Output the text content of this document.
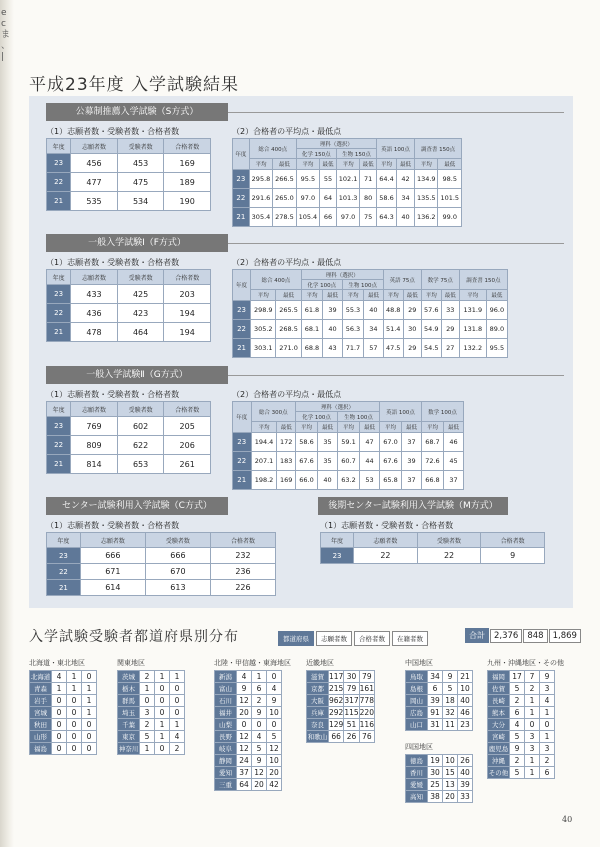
e
c
ま
、
|
平成23年度 入学試験結果
公募制推薦入学試験（S方式）
（1）志願者数・受験者数・合格者数	（2）合格者の平均点・最低点
年度	志願者数	受験者数	合格者数
23	456	453	169
22	477	475	189
21	535	534	190
年度	総合 400点		理科（選択）				英語 100点		調査書 150点	
			化学 150点		生物 150点					
	平均	最低	平均	最低	平均	最低	平均	最低	平均	最低
23	295.8	266.5	95.5	55	102.1	71	64.4	42	134.9	98.5
22	291.6	265.0	97.0	64	101.3	80	58.6	34	135.5	101.5
21	305.4	278.5	105.4	66	97.0	75	64.3	40	136.2	99.0
一般入学試験Ⅰ（F方式）
（1）志願者数・受験者数・合格者数	（2）合格者の平均点・最低点
年度	志願者数	受験者数	合格者数
23	433	425	203
22	436	423	194
21	478	464	194
年度	総合 400点		理科（選択）				英語 75点		数学 75点		調査書 150点	
			化学 100点		生物 100点							
	平均	最低	平均	最低	平均	最低	平均	最低	平均	最低	平均	最低
23	298.9	265.5	61.8	39	55.3	40	48.8	29	57.6	33	131.9	96.0
22	305.2	268.5	68.1	40	56.3	34	51.4	30	54.9	29	131.8	89.0
21	303.1	271.0	68.8	43	71.7	57	47.5	29	54.5	27	132.2	95.5
一般入学試験Ⅱ（G方式）
（1）志願者数・受験者数・合格者数	（2）合格者の平均点・最低点
年度	志願者数	受験者数	合格者数
23	769	602	205
22	809	622	206
21	814	653	261
年度	総合 300点		理科（選択）				英語 100点		数学 100点	
			化学 100点		生物 100点					
	平均	最低	平均	最低	平均	最低	平均	最低	平均	最低
23	194.4	172	58.6	35	59.1	47	67.0	37	68.7	46
22	207.1	183	67.6	35	60.7	44	67.6	39	72.6	45
21	198.2	169	66.0	40	63.2	53	65.8	37	66.8	37
センター試験利用入学試験（C方式）
（1）志願者数・受験者数・合格者数
年度	志願者数	受験者数	合格者数
23	666	666	232
22	671	670	236
21	614	613	226
後期センター試験利用入学試験（M方式）
（1）志願者数・受験者数・合格者数
年度	志願者数	受験者数	合格者数
23	22	22	9
入学試験受験者都道府県別分布	都道府県	志願者数	合格者数	在籍者数	合計	2,376	848	1,869
北海道・東北地区
北海道	4	1	0
青森	1	1	1
岩手	0	0	1
宮城	0	0	1
秋田	0	0	0
山形	0	0	0
福島	0	0	0
関東地区
茨城	2	1	1
栃木	1	0	0
群馬	0	0	0
埼玉	3	0	0
千葉	2	1	1
東京	5	1	4
神奈川	1	0	2
北陸・甲信越・東海地区
新潟	4	1	0
富山	9	6	4
石川	12	2	9
福井	20	9	10
山梨	0	0	0
長野	12	4	5
岐阜	12	5	12
静岡	24	9	10
愛知	37	12	20
三重	64	20	42
近畿地区
滋賀	117	30	79
京都	215	79	161
大阪	962	317	778
兵庫	292	115	220
奈良	129	51	116
和歌山	66	26	76
中国地区
鳥取	34	9	21
島根	6	5	10
岡山	39	18	40
広島	91	32	46
山口	31	11	23
四国地区
徳島	19	10	26
香川	30	15	40
愛媛	25	13	39
高知	38	20	33
九州・沖縄地区・その他
福岡	17	7	9
佐賀	5	2	3
長崎	2	1	4
熊本	6	1	1
大分	4	0	0
宮崎	5	3	1
鹿児島	9	3	3
沖縄	2	1	2
その他	5	1	6
40
